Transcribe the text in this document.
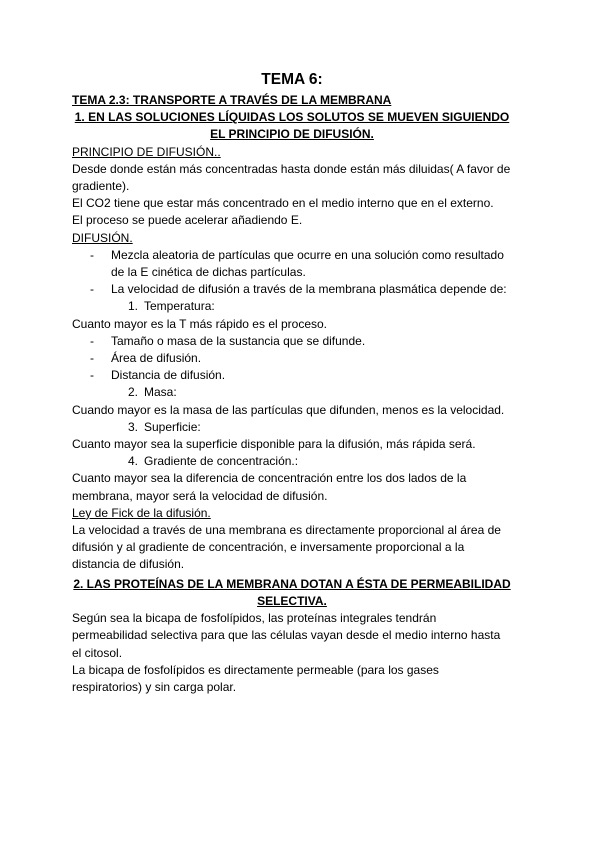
TEMA 6:

TEMA 2.3: TRANSPORTE A TRAVÉS DE LA MEMBRANA

1. EN LAS SOLUCIONES LÍQUIDAS LOS SOLUTOS SE MUEVEN SIGUIENDO EL PRINCIPIO DE DIFUSIÓN.

PRINCIPIO DE DIFUSIÓN..

Desde donde están más concentradas hasta donde están más diluidas( A favor de gradiente).

El CO2 tiene que estar más concentrado en el medio interno que en el externo.

El proceso se puede acelerar añadiendo E.

DIFUSIÓN.

- Mezcla aleatoria de partículas que ocurre en una solución como resultado de la E cinética de dichas partículas.
- La velocidad de difusión a través de la membrana plasmática depende de:

1. Temperatura:

Cuanto mayor es la T más rápido es el proceso.

- Tamaño o masa de la sustancia que se difunde.
- Área de difusión.
- Distancia de difusión.

2. Masa:

Cuando mayor es la masa de las partículas que difunden, menos es la velocidad.

3. Superficie:

Cuanto mayor sea la superficie disponible para la difusión, más rápida será.

4. Gradiente de concentración.:

Cuanto mayor sea la diferencia de concentración entre los dos lados de la membrana, mayor será la velocidad de difusión.

Ley de Fick de la difusión.

La velocidad a través de una membrana es directamente proporcional al área de difusión y al gradiente de concentración, e inversamente proporcional a la distancia de difusión.

2. LAS PROTEÍNAS DE LA MEMBRANA DOTAN A ÉSTA DE PERMEABILIDAD SELECTIVA.

Según sea la bicapa de fosfolípidos, las proteínas integrales tendrán permeabilidad selectiva para que las células vayan desde el medio interno hasta el citosol.

La bicapa de fosfolípidos es directamente permeable (para los gases respiratorios) y sin carga polar.
